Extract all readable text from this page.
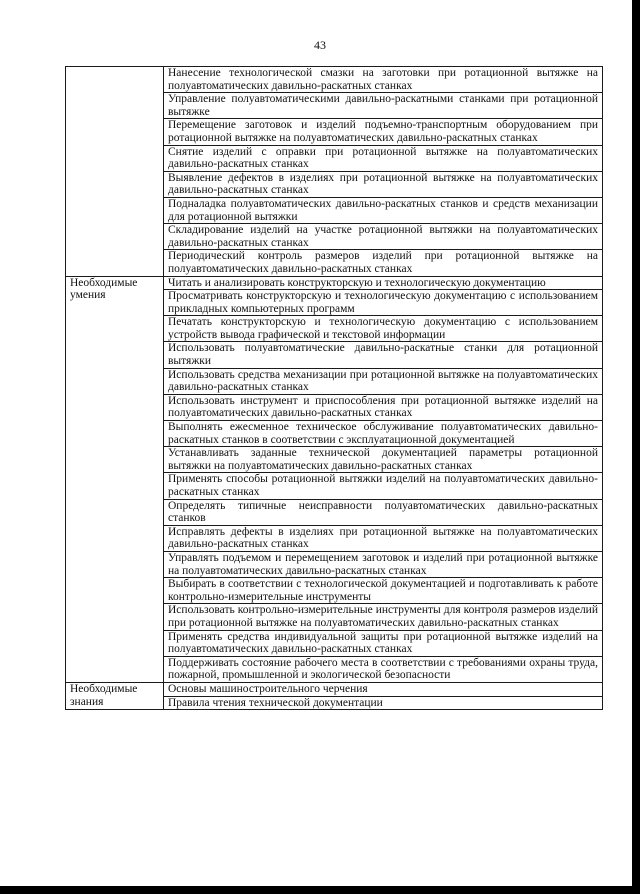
43

	Нанесение технологической смазки на заготовки при ротационной вытяжке на полуавтоматических давильно-раскатных станках

	Управление полуавтоматическими давильно-раскатными станками при ротационной вытяжке

	Перемещение заготовок и изделий подъемно-транспортным оборудованием при ротационной вытяжке на полуавтоматических давильно-раскатных станках

	Снятие изделий с оправки при ротационной вытяжке на полуавтоматических давильно-раскатных станках

	Выявление дефектов в изделиях при ротационной вытяжке на полуавтоматических давильно-раскатных станках

	Подналадка полуавтоматических давильно-раскатных станков и средств механизации для ротационной вытяжки

	Складирование изделий на участке ротационной вытяжки на полуавтоматических давильно-раскатных станках

	Периодический контроль размеров изделий при ротационной вытяжке на полуавтоматических давильно-раскатных станках

Необходимые умения	Читать и анализировать конструкторскую и технологическую документацию

	Просматривать конструкторскую и технологическую документацию с использованием прикладных компьютерных программ

	Печатать конструкторскую и технологическую документацию с использованием устройств вывода графической и текстовой информации

	Использовать полуавтоматические давильно-раскатные станки для ротационной вытяжки

	Использовать средства механизации при ротационной вытяжке на полуавтоматических давильно-раскатных станках

	Использовать инструмент и приспособления при ротационной вытяжке изделий на полуавтоматических давильно-раскатных станках

	Выполнять ежесменное техническое обслуживание полуавтоматических давильно-раскатных станков в соответствии с эксплуатационной документацией

	Устанавливать заданные технической документацией параметры ротационной вытяжки на полуавтоматических давильно-раскатных станках

	Применять способы ротационной вытяжки изделий на полуавтоматических давильно-раскатных станках

	Определять типичные неисправности полуавтоматических давильно-раскатных станков

	Исправлять дефекты в изделиях при ротационной вытяжке на полуавтоматических давильно-раскатных станках

	Управлять подъемом и перемещением заготовок и изделий при ротационной вытяжке на полуавтоматических давильно-раскатных станках

	Выбирать в соответствии с технологической документацией и подготавливать к работе контрольно-измерительные инструменты

	Использовать контрольно-измерительные инструменты для контроля размеров изделий при ротационной вытяжке на полуавтоматических давильно-раскатных станках

	Применять средства индивидуальной защиты при ротационной вытяжке изделий на полуавтоматических давильно-раскатных станках

	Поддерживать состояние рабочего места в соответствии с требованиями охраны труда, пожарной, промышленной и экологической безопасности

Необходимые знания	Основы машиностроительного черчения

	Правила чтения технической документации
